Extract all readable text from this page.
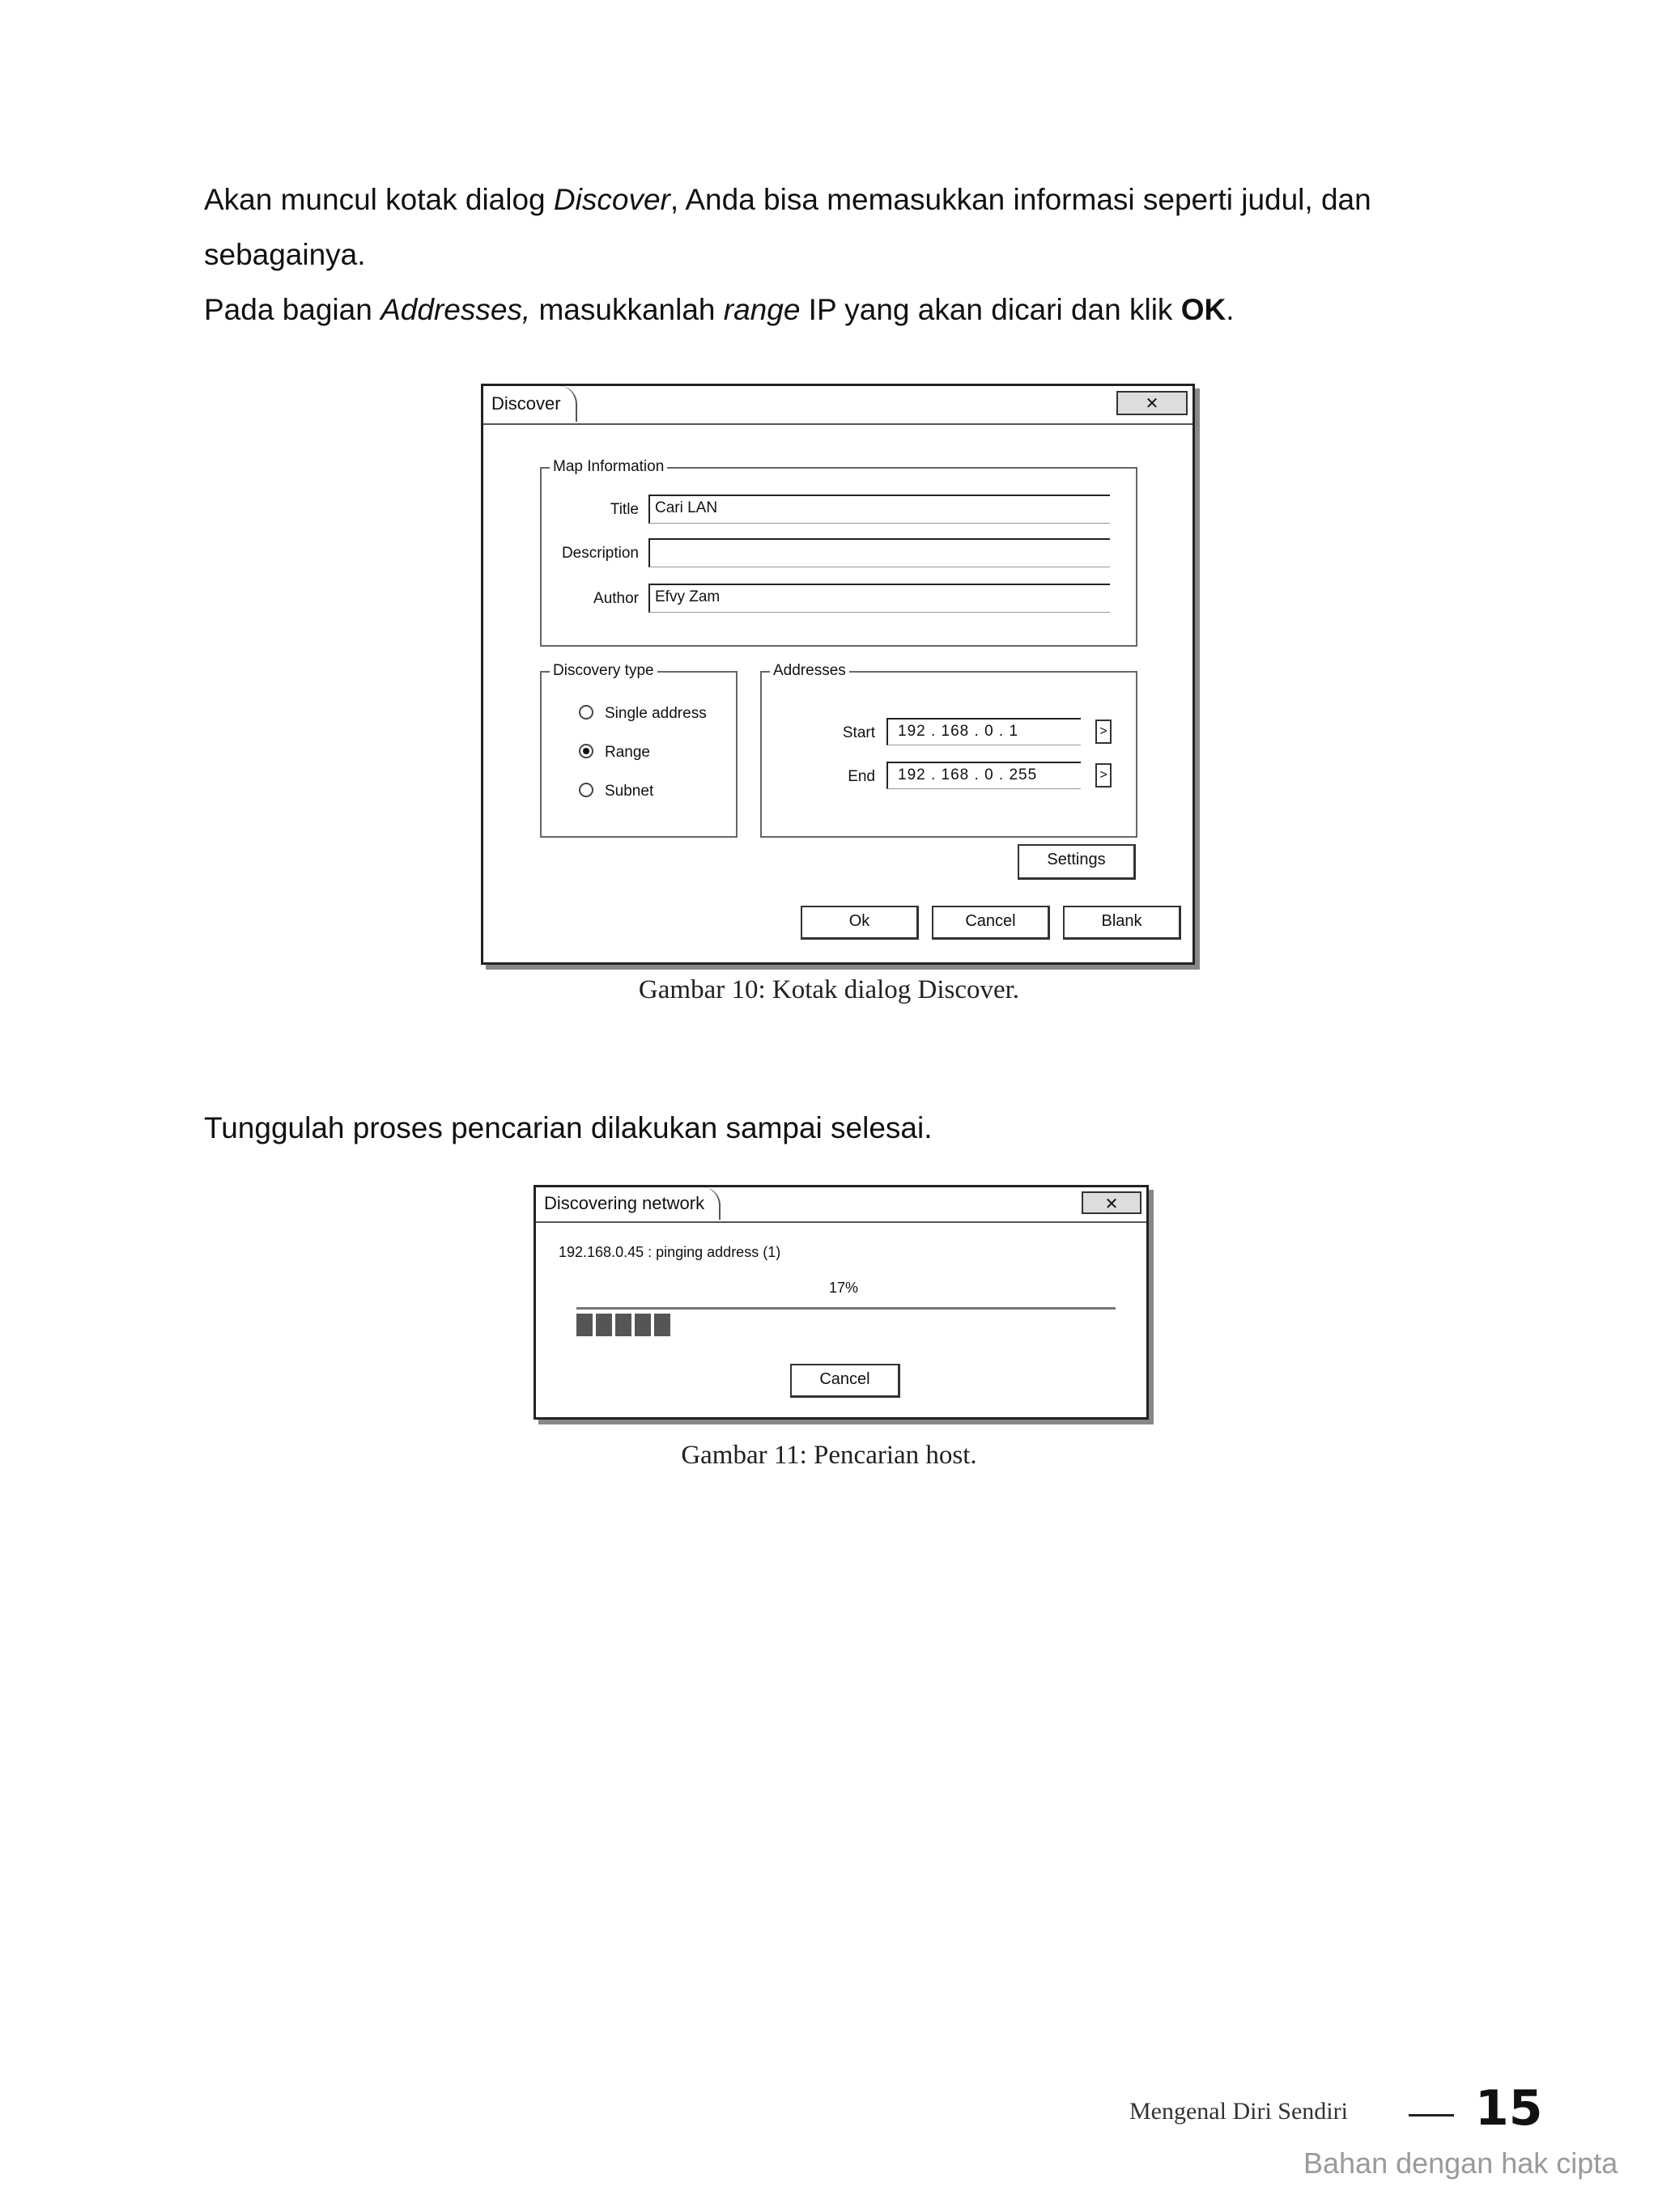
Akan muncul kotak dialog Discover, Anda bisa memasukkan informasi seperti judul, dan
sebagainya.
Pada bagian Addresses, masukkanlah range IP yang akan dicari dan klik OK.
Discover	✕
Map Information
Title	Cari LAN
Description
Author	Efvy Zam
Discovery type
Single address
Range
Subnet
Addresses
Start	192 . 168 . 0 . 1	>
End	192 . 168 . 0 . 255	>
Settings
Ok	Cancel	Blank
Gambar 10: Kotak dialog Discover.
Tunggulah proses pencarian dilakukan sampai selesai.
Discovering network	✕
192.168.0.45 : pinging address (1)
17%
Cancel
Gambar 11: Pencarian host.
Mengenal Diri Sendiri	15
Bahan dengan hak cipta
